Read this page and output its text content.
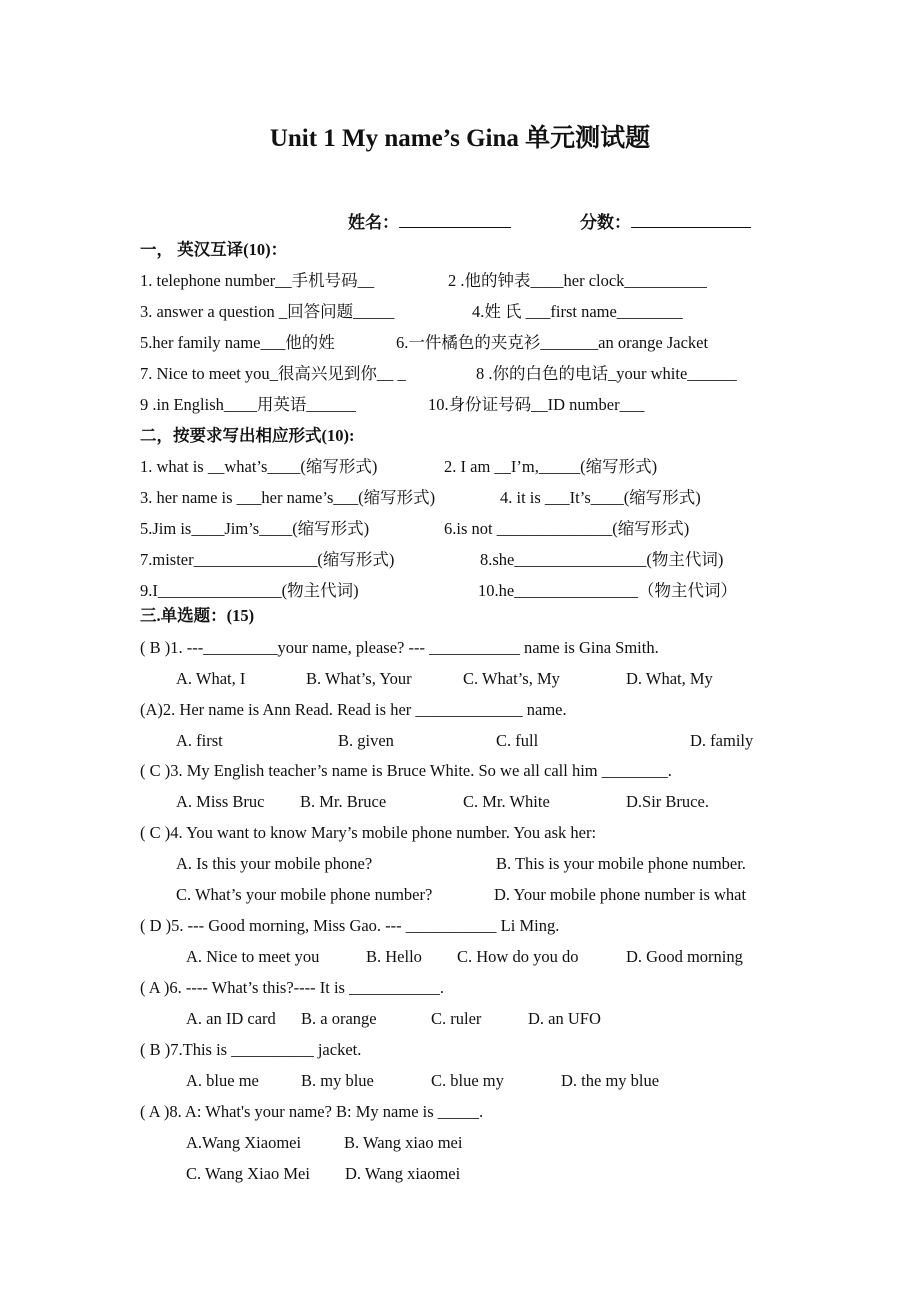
Unit 1 My name’s Gina 单元测试题
姓名：	分数：
一， 英汉互译(10)：
1. telephone number__手机号码__	2 .他的钟表____her clock__________
3. answer a question _回答问题_____	4.姓 氏 ___first name________
5.her family name___他的姓	6.一件橘色的夹克衫_______an orange Jacket
7. Nice to meet you_很高兴见到你__ _	8 .你的白色的电话_your white______
9 .in English____用英语______	10.身份证号码__ID number___
二，按要求写出相应形式(10):
1. what is __what’s____(缩写形式)	2. I am __I’m,_____(缩写形式)
3. her name is ___her name’s___(缩写形式)	4. it is ___It’s____(缩写形式)
5.Jim is____Jim’s____(缩写形式)	6.is not ______________(缩写形式)
7.mister_______________(缩写形式)	8.she________________(物主代词)
9.I_______________(物主代词)	10.he_______________（物主代词）
三.单选题：(15)
( B )1. ---_________your name, please? --- ___________ name is Gina Smith.
A. What, I	B. What’s, Your	C. What’s, My	D. What, My
(A)2. Her name is Ann Read. Read is her _____________ name.
A. first	B. given	C. full	D. family
( C )3. My English teacher’s name is Bruce White. So we all call him ________.
A. Miss Bruc B. Mr. Bruce	C. Mr. White	D.Sir Bruce.
( C )4. You want to know Mary’s mobile phone number. You ask her:
A. Is this your mobile phone?	B. This is your mobile phone number.
C. What’s your mobile phone number?	D. Your mobile phone number is what
( D )5. --- Good morning, Miss Gao. --- ___________ Li Ming.
A. Nice to meet you	B. Hello C. How do you do	D. Good morning
( A )6. ---- What’s this?---- It is ___________.
A. an ID card B. a orange	C. ruler	D. an UFO
( B )7.This is __________ jacket.
A. blue me	B. my blue	C. blue my	D. the my blue
( A )8. A: What's your name? B: My name is _____.
A.Wang Xiaomei	B. Wang xiao mei
C. Wang Xiao Mei D. Wang xiaomei
